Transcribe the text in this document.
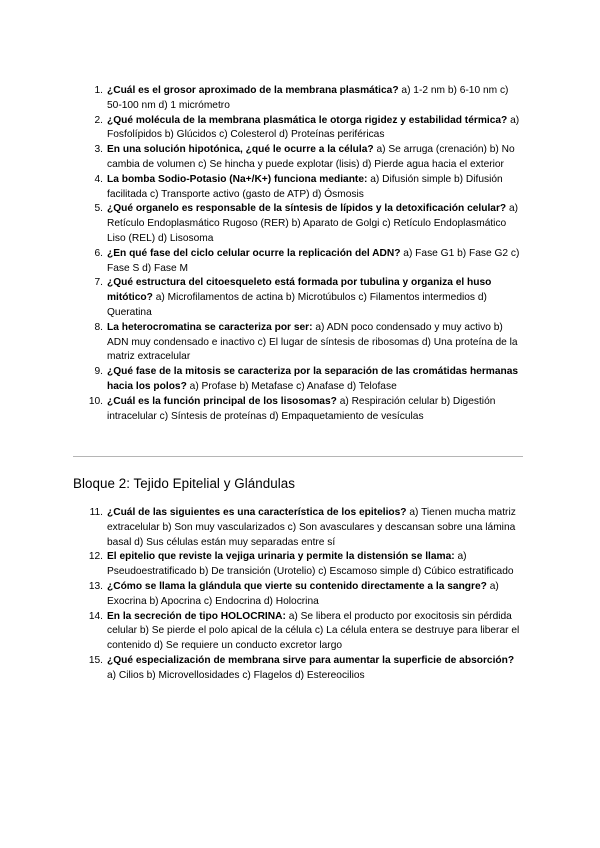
1. ¿Cuál es el grosor aproximado de la membrana plasmática? a) 1-2 nm b) 6-10 nm c) 50-100 nm d) 1 micrómetro
2. ¿Qué molécula de la membrana plasmática le otorga rigidez y estabilidad térmica? a) Fosfolípidos b) Glúcidos c) Colesterol d) Proteínas periféricas
3. En una solución hipotónica, ¿qué le ocurre a la célula? a) Se arruga (crenación) b) No cambia de volumen c) Se hincha y puede explotar (lisis) d) Pierde agua hacia el exterior
4. La bomba Sodio-Potasio (Na+/K+) funciona mediante: a) Difusión simple b) Difusión facilitada c) Transporte activo (gasto de ATP) d) Ósmosis
5. ¿Qué organelo es responsable de la síntesis de lípidos y la detoxificación celular? a) Retículo Endoplasmático Rugoso (RER) b) Aparato de Golgi c) Retículo Endoplasmático Liso (REL) d) Lisosoma
6. ¿En qué fase del ciclo celular ocurre la replicación del ADN? a) Fase G1 b) Fase G2 c) Fase S d) Fase M
7. ¿Qué estructura del citoesqueleto está formada por tubulina y organiza el huso mitótico? a) Microfilamentos de actina b) Microtúbulos c) Filamentos intermedios d) Queratina
8. La heterocromatina se caracteriza por ser: a) ADN poco condensado y muy activo b) ADN muy condensado e inactivo c) El lugar de síntesis de ribosomas d) Una proteína de la matriz extracelular
9. ¿Qué fase de la mitosis se caracteriza por la separación de las cromátidas hermanas hacia los polos? a) Profase b) Metafase c) Anafase d) Telofase
10. ¿Cuál es la función principal de los lisosomas? a) Respiración celular b) Digestión intracelular c) Síntesis de proteínas d) Empaquetamiento de vesículas
Bloque 2: Tejido Epitelial y Glándulas
11. ¿Cuál de las siguientes es una característica de los epitelios? a) Tienen mucha matriz extracelular b) Son muy vascularizados c) Son avasculares y descansan sobre una lámina basal d) Sus células están muy separadas entre sí
12. El epitelio que reviste la vejiga urinaria y permite la distensión se llama: a) Pseudoestratificado b) De transición (Urotelio) c) Escamoso simple d) Cúbico estratificado
13. ¿Cómo se llama la glándula que vierte su contenido directamente a la sangre? a) Exocrina b) Apocrina c) Endocrina d) Holocrina
14. En la secreción de tipo HOLOCRINA: a) Se libera el producto por exocitosis sin pérdida celular b) Se pierde el polo apical de la célula c) La célula entera se destruye para liberar el contenido d) Se requiere un conducto excretor largo
15. ¿Qué especialización de membrana sirve para aumentar la superficie de absorción? a) Cilios b) Microvellosidades c) Flagelos d) Estereocilios
